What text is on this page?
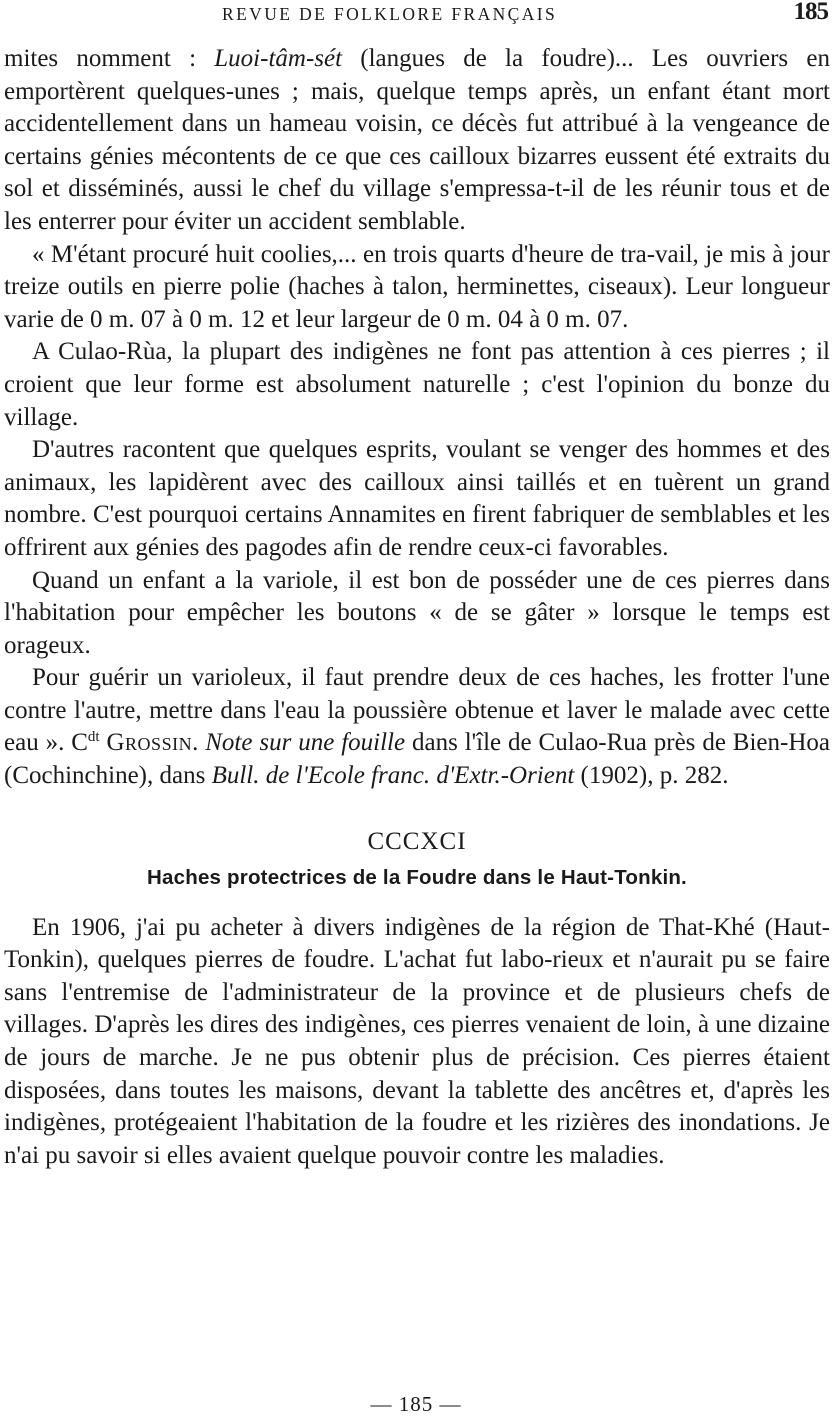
REVUE DE FOLKLORE FRANÇAIS	185

mites nomment : Luoi-tâm-sét (langues de la foudre)... Les ouvriers en emportèrent quelques-unes ; mais, quelque temps après, un enfant étant mort accidentellement dans un hameau voisin, ce décès fut attribué à la vengeance de certains génies mécontents de ce que ces cailloux bizarres eussent été extraits du sol et disséminés, aussi le chef du village s'empressa-t-il de les réunir tous et de les enterrer pour éviter un accident semblable.

« M'étant procuré huit coolies,... en trois quarts d'heure de tra-vail, je mis à jour treize outils en pierre polie (haches à talon, herminettes, ciseaux). Leur longueur varie de 0 m. 07 à 0 m. 12 et leur largeur de 0 m. 04 à 0 m. 07.

A Culao-Rùa, la plupart des indigènes ne font pas attention à ces pierres ; il croient que leur forme est absolument naturelle ; c'est l'opinion du bonze du village.

D'autres racontent que quelques esprits, voulant se venger des hommes et des animaux, les lapidèrent avec des cailloux ainsi taillés et en tuèrent un grand nombre. C'est pourquoi certains Annamites en firent fabriquer de semblables et les offrirent aux génies des pagodes afin de rendre ceux-ci favorables.

Quand un enfant a la variole, il est bon de posséder une de ces pierres dans l'habitation pour empêcher les boutons « de se gâter » lorsque le temps est orageux.

Pour guérir un varioleux, il faut prendre deux de ces haches, les frotter l'une contre l'autre, mettre dans l'eau la poussière obtenue et laver le malade avec cette eau ». $C^{dt}$ Grossin. Note sur une fouille dans l'île de Culao-Rua près de Bien-Hoa (Cochinchine), dans Bull. de l'Ecole franc. d'Extr.-Orient (1902), p. 282.

CCCXCI
Haches protectrices de la Foudre dans le Haut-Tonkin.

En 1906, j'ai pu acheter à divers indigènes de la région de That-Khé (Haut-Tonkin), quelques pierres de foudre. L'achat fut labo-rieux et n'aurait pu se faire sans l'entremise de l'administrateur de la province et de plusieurs chefs de villages. D'après les dires des indigènes, ces pierres venaient de loin, à une dizaine de jours de marche. Je ne pus obtenir plus de précision. Ces pierres étaient disposées, dans toutes les maisons, devant la tablette des ancêtres et, d'après les indigènes, protégeaient l'habitation de la foudre et les rizières des inondations. Je n'ai pu savoir si elles avaient quelque pouvoir contre les maladies.

— 185 —
